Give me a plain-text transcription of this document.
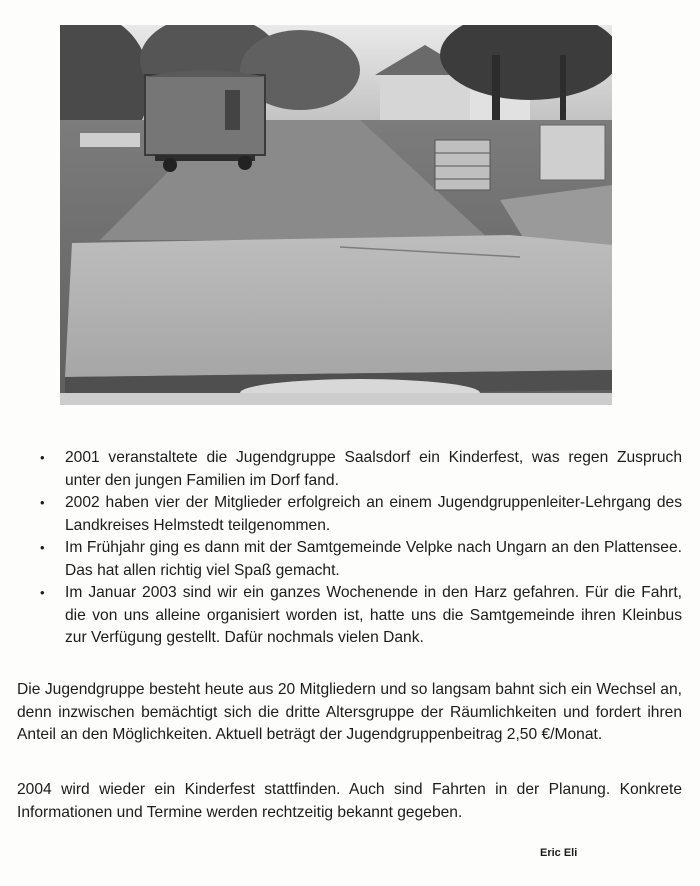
• 2001 veranstaltete die Jugendgruppe Saalsdorf ein Kinderfest, was regen Zuspruch unter den jungen Familien im Dorf fand.
• 2002 haben vier der Mitglieder erfolgreich an einem Jugendgruppenleiter-Lehrgang des Landkreises Helmstedt teilgenommen.
• Im Frühjahr ging es dann mit der Samtgemeinde Velpke nach Ungarn an den Plattensee. Das hat allen richtig viel Spaß gemacht.
• Im Januar 2003 sind wir ein ganzes Wochenende in den Harz gefahren. Für die Fahrt, die von uns alleine organisiert worden ist, hatte uns die Samtgemeinde ihren Kleinbus zur Verfügung gestellt. Dafür nochmals vielen Dank.

Die Jugendgruppe besteht heute aus 20 Mitgliedern und so langsam bahnt sich ein Wechsel an, denn inzwischen bemächtigt sich die dritte Altersgruppe der Räumlichkeiten und fordert ihren Anteil an den Möglichkeiten. Aktuell beträgt der Jugendgruppenbeitrag 2,50 €/Monat.

2004 wird wieder ein Kinderfest stattfinden. Auch sind Fahrten in der Planung. Konkrete Informationen und Termine werden rechtzeitig bekannt gegeben.

Eric Eli
